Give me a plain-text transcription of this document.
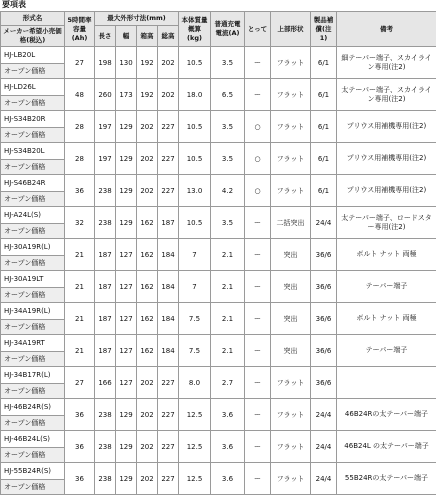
要項表
形式名	5時間率容量(Ah)	最大外形寸法(mm)				本体質量概算(kg)	普通充電電流(A)	とって	上部形状	製品補償(注1)	備考
メーカー希望小売価格(税込)		長さ	幅	箱高	総高						
HJ-LB20L	27	198	130	192	202	10.5	3.5	ー	フラット	6/1	細テーパー端子、スカイライン専用(注2)
オープン価格											
HJ-LD26L	48	260	173	192	202	18.0	6.5	ー	フラット	6/1	太テーパー端子、スカイライン専用(注2)
オープン価格											
HJ-S34B20R	28	197	129	202	227	10.5	3.5	○	フラット	6/1	プリウス用補機専用(注2)
オープン価格											
HJ-S34B20L	28	197	129	202	227	10.5	3.5	○	フラット	6/1	プリウス用補機専用(注2)
オープン価格											
HJ-S46B24R	36	238	129	202	227	13.0	4.2	○	フラット	6/1	プリウス用補機専用(注2)
オープン価格											
HJ-A24L(S)	32	238	129	162	187	10.5	3.5	ー	二括突出	24/4	太テーパー端子、ロードスター専用(注2)
オープン価格											
HJ-30A19R(L)	21	187	127	162	184	7	2.1	ー	突出	36/6	ボルト ナット 両極
オープン価格											
HJ-30A19LT	21	187	127	162	184	7	2.1	ー	突出	36/6	テーパー端子
オープン価格											
HJ-34A19R(L)	21	187	127	162	184	7.5	2.1	ー	突出	36/6	ボルト ナット 両極
オープン価格											
HJ-34A19RT	21	187	127	162	184	7.5	2.1	ー	突出	36/6	テーパー端子
オープン価格											
HJ-34B17R(L)	27	166	127	202	227	8.0	2.7	ー	フラット	36/6	
オープン価格											
HJ-46B24R(S)	36	238	129	202	227	12.5	3.6	ー	フラット	24/4	46B24Rの太テーパー端子
オープン価格											
HJ-46B24L(S)	36	238	129	202	227	12.5	3.6	ー	フラット	24/4	46B24L の太テーパー端子
オープン価格											
HJ-55B24R(S)	36	238	129	202	227	12.5	3.6	ー	フラット	24/4	55B24Rの太テーパー端子
オープン価格											
